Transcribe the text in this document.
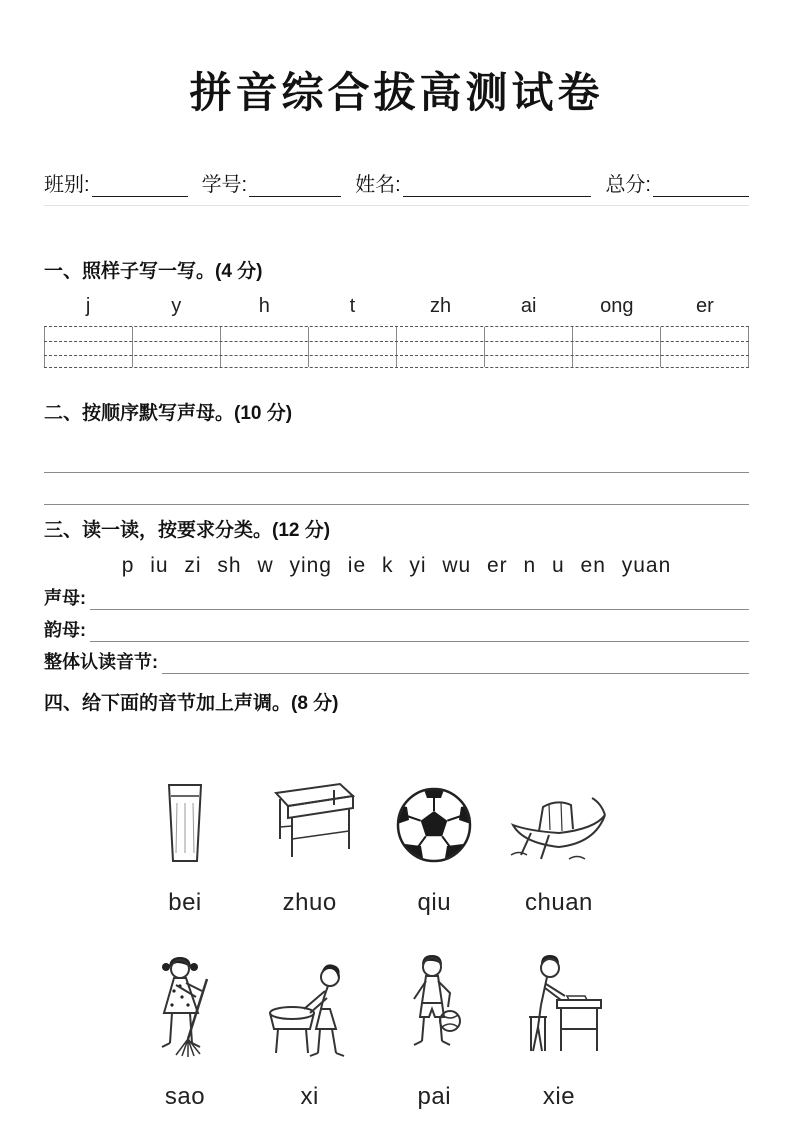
拼音综合拔高测试卷
班别:	学号:	姓名:	总分:
一、照样子写一写。(4 分)
j	y	h	t	zh	ai	ong	er
二、按顺序默写声母。(10 分)
三、读一读，按要求分类。(12 分)
p iu zi sh w ying ie k yi wu er n u en yuan
声母:
韵母:
整体认读音节:
四、给下面的音节加上声调。(8 分)
bei	zhuo	qiu	chuan
sao	xi	pai	xie
